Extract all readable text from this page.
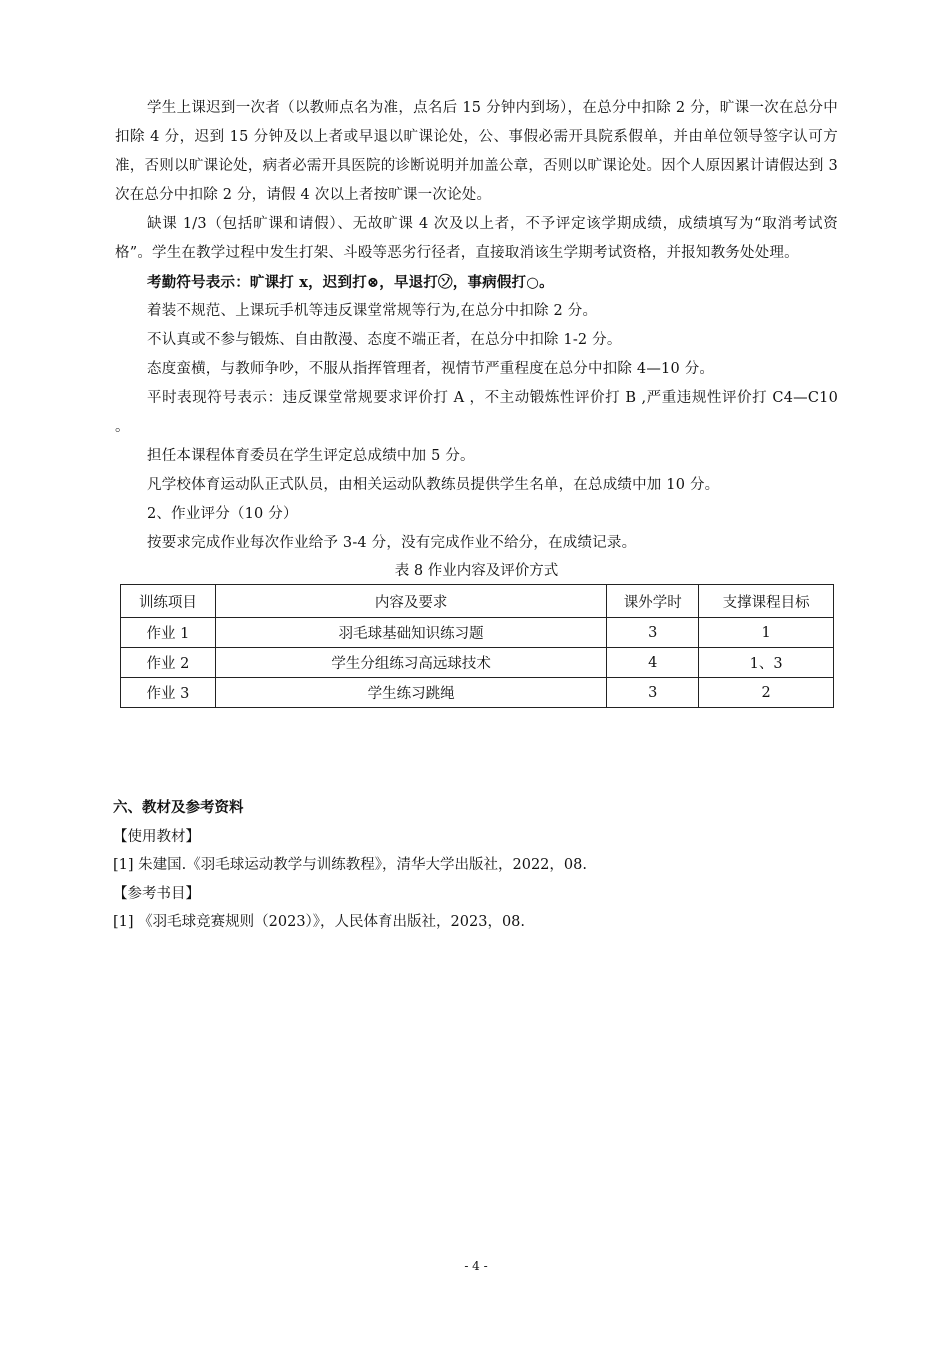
学生上课迟到一次者（以教师点名为准，点名后 15 分钟内到场），在总分中扣除 2 分，旷课一次在总分中扣除 4 分，迟到 15 分钟及以上者或早退以旷课论处，公、事假必需开具院系假单，并由单位领导签字认可方准，否则以旷课论处，病者必需开具医院的诊断说明并加盖公章，否则以旷课论处。因个人原因累计请假达到 3 次在总分中扣除 2 分，请假 4 次以上者按旷课一次论处。

缺课 1/3（包括旷课和请假）、无故旷课 4 次及以上者，不予评定该学期成绩，成绩填写为“取消考试资格”。学生在教学过程中发生打架、斗殴等恶劣行径者，直接取消该生学期考试资格，并报知教务处处理。

考勤符号表示：旷课打 x，迟到打⊗，早退打㋞，事病假打○。

着装不规范、上课玩手机等违反课堂常规等行为,在总分中扣除 2 分。

不认真或不参与锻炼、自由散漫、态度不端正者，在总分中扣除 1-2 分。

态度蛮横，与教师争吵，不服从指挥管理者，视情节严重程度在总分中扣除 4—10 分。

平时表现符号表示：违反课堂常规要求评价打 A ，不主动锻炼性评价打 B ,严重违规性评价打 C4—C10 。

担任本课程体育委员在学生评定总成绩中加 5 分。

凡学校体育运动队正式队员，由相关运动队教练员提供学生名单，在总成绩中加 10 分。

2、作业评分（10 分）

按要求完成作业每次作业给予 3-4 分，没有完成作业不给分，在成绩记录。

表 8 作业内容及评价方式
训练项目	内容及要求	课外学时	支撑课程目标
作业 1	羽毛球基础知识练习题	3	1
作业 2	学生分组练习高远球技术	4	1、3
作业 3	学生练习跳绳	3	2
六、教材及参考资料
【使用教材】
[1] 朱建国.《羽毛球运动教学与训练教程》，清华大学出版社，2022，08.
【参考书目】
[1] 《羽毛球竞赛规则（2023）》，人民体育出版社，2023，08.
- 4 -
